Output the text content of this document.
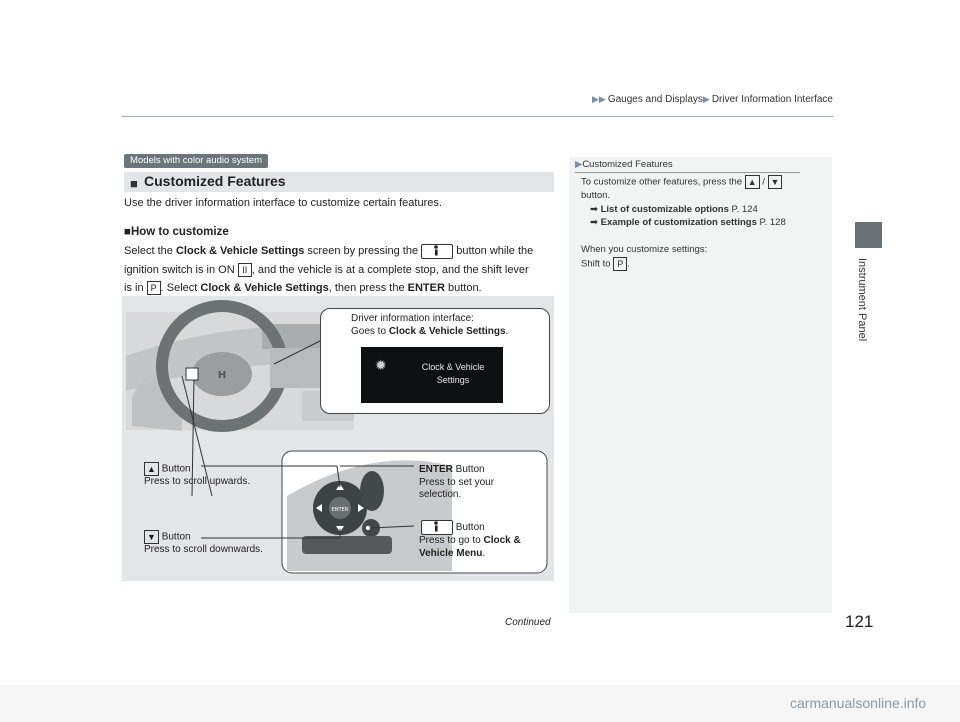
▶▶ Gauges and Displays▶ Driver Information Interface
Instrument Panel
Models with color audio system
■ Customized Features
Use the driver information interface to customize certain features.
■How to customize
Select the Clock & Vehicle Settings screen by pressing the	button while the
ignition switch is in ON II , and the vehicle is at a complete stop, and the shift lever
is in P . Select Clock & Vehicle Settings, then press the ENTER button.
H
ENTER
Driver information interface:
Goes to Clock & Vehicle Settings.
✹	Clock & Vehicle
Settings
▲ Button
Press to scroll upwards.
▼ Button
Press to scroll downwards.
ENTER Button
Press to set your
selection.
Button
Press to go to Clock &
Vehicle Menu.
▶Customized Features
To customize other features, press the ▲ / ▼
button.
➡ List of customizable options P. 124
➡ Example of customization settings P. 128

When you customize settings:
Shift to P .
Continued	121
carmanualsonline.info
